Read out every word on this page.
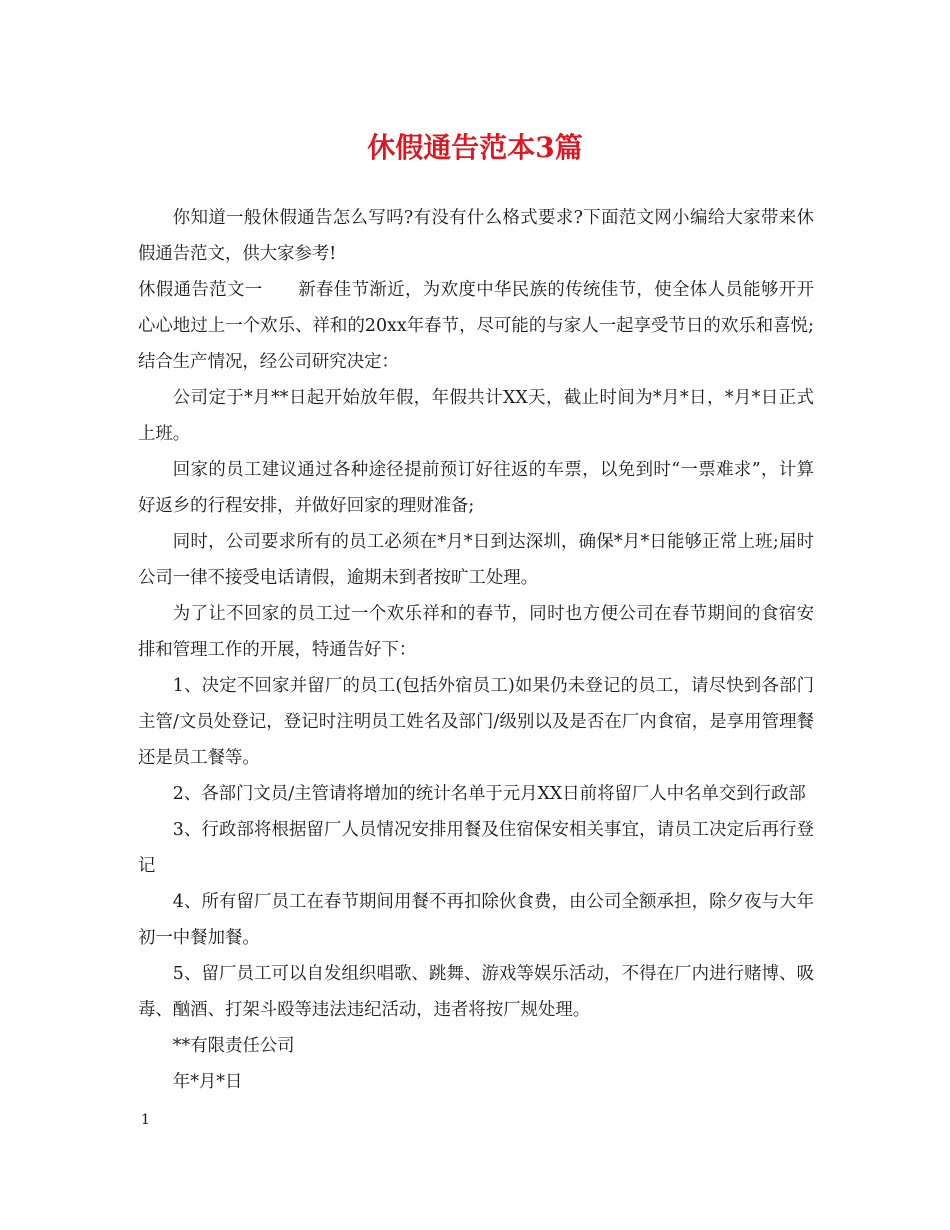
休假通告范本3篇

你知道一般休假通告怎么写吗?有没有什么格式要求?下面范文网小编给大家带来休假通告范文，供大家参考!

休假通告范文一　　新春佳节渐近，为欢度中华民族的传统佳节，使全体人员能够开开心心地过上一个欢乐、祥和的20xx年春节，尽可能的与家人一起享受节日的欢乐和喜悦;结合生产情况，经公司研究决定：

公司定于*月**日起开始放年假，年假共计XX天，截止时间为*月*日，*月*日正式上班。

回家的员工建议通过各种途径提前预订好往返的车票，以免到时“一票难求”，计算好返乡的行程安排，并做好回家的理财准备;

同时，公司要求所有的员工必须在*月*日到达深圳，确保*月*日能够正常上班;届时公司一律不接受电话请假，逾期未到者按旷工处理。

为了让不回家的员工过一个欢乐祥和的春节，同时也方便公司在春节期间的食宿安排和管理工作的开展，特通告好下：

1、决定不回家并留厂的员工(包括外宿员工)如果仍未登记的员工，请尽快到各部门主管/文员处登记，登记时注明员工姓名及部门/级别以及是否在厂内食宿，是享用管理餐还是员工餐等。

2、各部门文员/主管请将增加的统计名单于元月XX日前将留厂人中名单交到行政部

3、行政部将根据留厂人员情况安排用餐及住宿保安相关事宜，请员工决定后再行登记

4、所有留厂员工在春节期间用餐不再扣除伙食费，由公司全额承担，除夕夜与大年初一中餐加餐。

5、留厂员工可以自发组织唱歌、跳舞、游戏等娱乐活动，不得在厂内进行赌博、吸毒、酗酒、打架斗殴等违法违纪活动，违者将按厂规处理。

**有限责任公司

年*月*日

1
